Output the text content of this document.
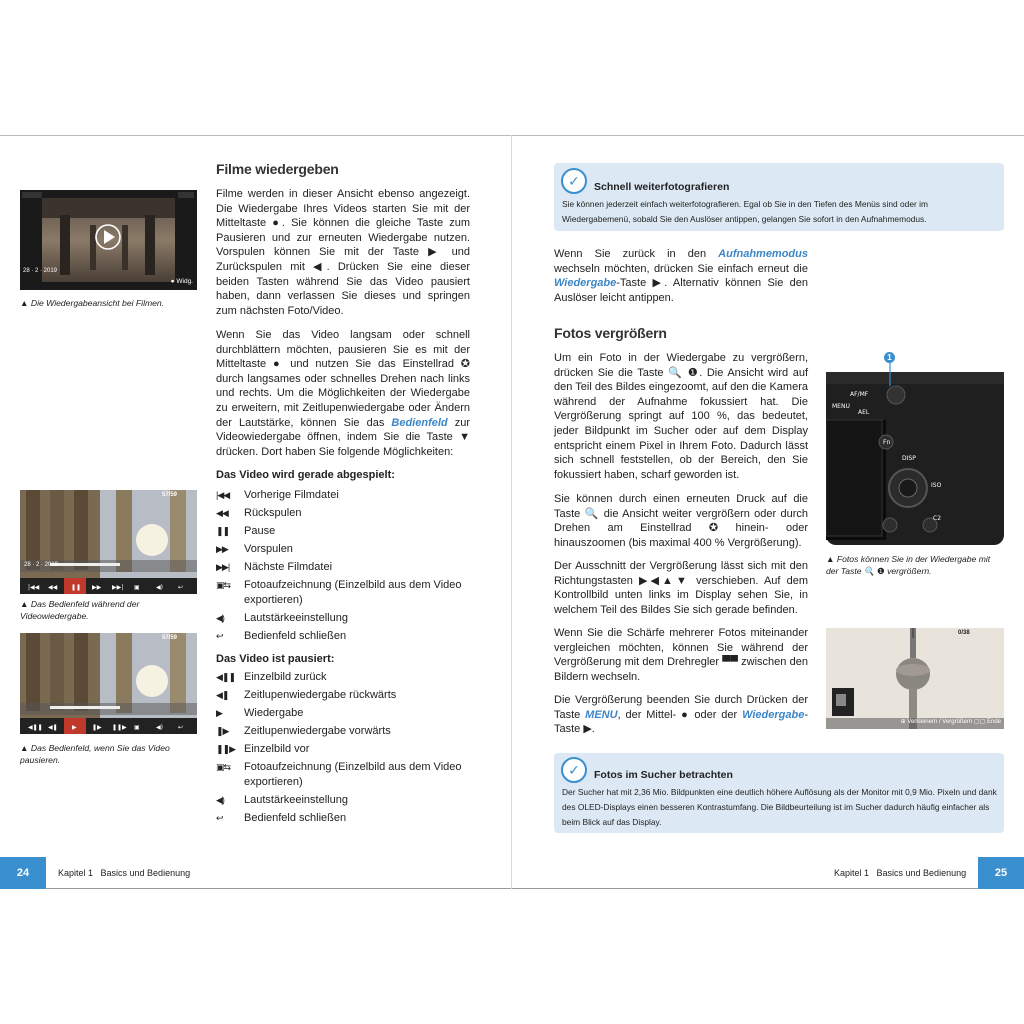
28 · 2 · 2019
● Widg.
▲ Die Wiedergabeansicht bei Filmen.
|◀◀ ◀◀ ❚❚ ▶▶ ▶▶| ▣	◀)	↩
28 · 2 · 2019
57/59
▲ Das Bedienfeld während der Videowiedergabe.
◀❚❚ ◀❚ ▶	❚▶ ❚❚▶ ▣	◀)	↩
57/59
▲ Das Bedienfeld, wenn Sie das Video pausieren.
Filme wiedergeben

Filme werden in dieser Ansicht ebenso angezeigt. Die Wiedergabe Ihres Videos starten Sie mit der Mitteltaste ●. Sie können die gleiche Taste zum Pausieren und zur erneuten Wiedergabe nutzen. Vorspulen können Sie mit der Taste ▶ und Zurückspulen mit ◀. Drücken Sie eine dieser beiden Tasten während Sie das Video pausiert haben, dann verlassen Sie dieses und springen zum nächsten Foto/Video.

Wenn Sie das Video langsam oder schnell durchblättern möchten, pausieren Sie es mit der Mitteltaste ● und nutzen Sie das Einstellrad ✪ durch langsames oder schnelles Drehen nach links und rechts. Um die Möglichkeiten der Wiedergabe zu erweitern, mit Zeitlupenwiedergabe oder Ändern der Lautstärke, können Sie das Bedienfeld zur Videowiedergabe öffnen, indem Sie die Taste ▼ drücken. Dort haben Sie folgende Möglichkeiten:

Das Video wird gerade abgespielt:
|◀◀	Vorherige Filmdatei
◀◀	Rückspulen
❚❚	Pause
▶▶	Vorspulen
▶▶|	Nächste Filmdatei
▣⇆	Fotoaufzeichnung (Einzelbild aus dem Video exportieren)
◀)	Lautstärkeeinstellung
↩	Bedienfeld schließen
Das Video ist pausiert:
◀❚❚ Einzelbild zurück
◀❚	Zeitlupenwiedergabe rückwärts
▶	Wiedergabe
❚▶	Zeitlupenwiedergabe vorwärts
❚❚▶ Einzelbild vor
▣⇆	Fotoaufzeichnung (Einzelbild aus dem Video exportieren)
◀)	Lautstärkeeinstellung
↩	Bedienfeld schließen
24	Kapitel 1   Basics und Bedienung
✓	Schnell weiterfotografieren
Sie können jederzeit einfach weiterfotografieren. Egal ob Sie in den Tiefen des Menüs sind oder im Wiedergabemenü, sobald Sie den Auslöser antippen, gelangen Sie sofort in den Aufnahmemodus.

Wenn Sie zurück in den Aufnahmemodus wechseln möchten, drücken Sie einfach erneut die Wiedergabe-Taste ▶. Alternativ können Sie den Auslöser leicht antippen.

Fotos vergrößern

Um ein Foto in der Wiedergabe zu vergrößern, drücken Sie die Taste 🔍 ❶. Die Ansicht wird auf den Teil des Bildes eingezoomt, auf den die Kamera während der Aufnahme fokussiert hat. Die Vergrößerung springt auf 100 %, das bedeutet, jeder Bildpunkt im Sucher oder auf dem Display entspricht einem Pixel in Ihrem Foto. Dadurch lässt sich schnell feststellen, ob der Bereich, den Sie fokussiert haben, scharf geworden ist.

Sie können durch einen erneuten Druck auf die Taste 🔍 die Ansicht weiter vergrößern oder durch Drehen am Einstellrad ✪ hinein- oder hinauszoomen (bis maximal 400 % Vergrößerung).

Der Ausschnitt der Vergrößerung lässt sich mit den Richtungstasten ▶◀▲▼ verschieben. Auf dem Kontrollbild unten links im Display sehen Sie, in welchem Teil des Bildes Sie sich gerade befinden.

Wenn Sie die Schärfe mehrerer Fotos miteinander vergleichen möchten, können Sie während der Vergrößerung mit dem Drehregler ▀▀ zwischen den Bildern wechseln.

Die Vergrößerung beenden Sie durch Drücken der Taste MENU, der Mittel- ● oder der Wiedergabe-Taste ▶.

AF/MF
AEL
MENU
Fn
DISP
ISO
C2
1
▲ Fotos können Sie in der Wiedergabe mit der Taste 🔍 ❶ vergrößern.
0/38
⊕ Verkleinern / Vergrößern ▢▢ Ende
✓	Fotos im Sucher betrachten
Der Sucher hat mit 2,36 Mio. Bildpunkten eine deutlich höhere Auflösung als der Monitor mit 0,9 Mio. Pixeln und dank des OLED-Displays einen besseren Kontrastumfang. Die Bildbeurteilung ist im Sucher dadurch häufig einfacher als beim Blick auf das Display.
Kapitel 1   Basics und Bedienung	25
